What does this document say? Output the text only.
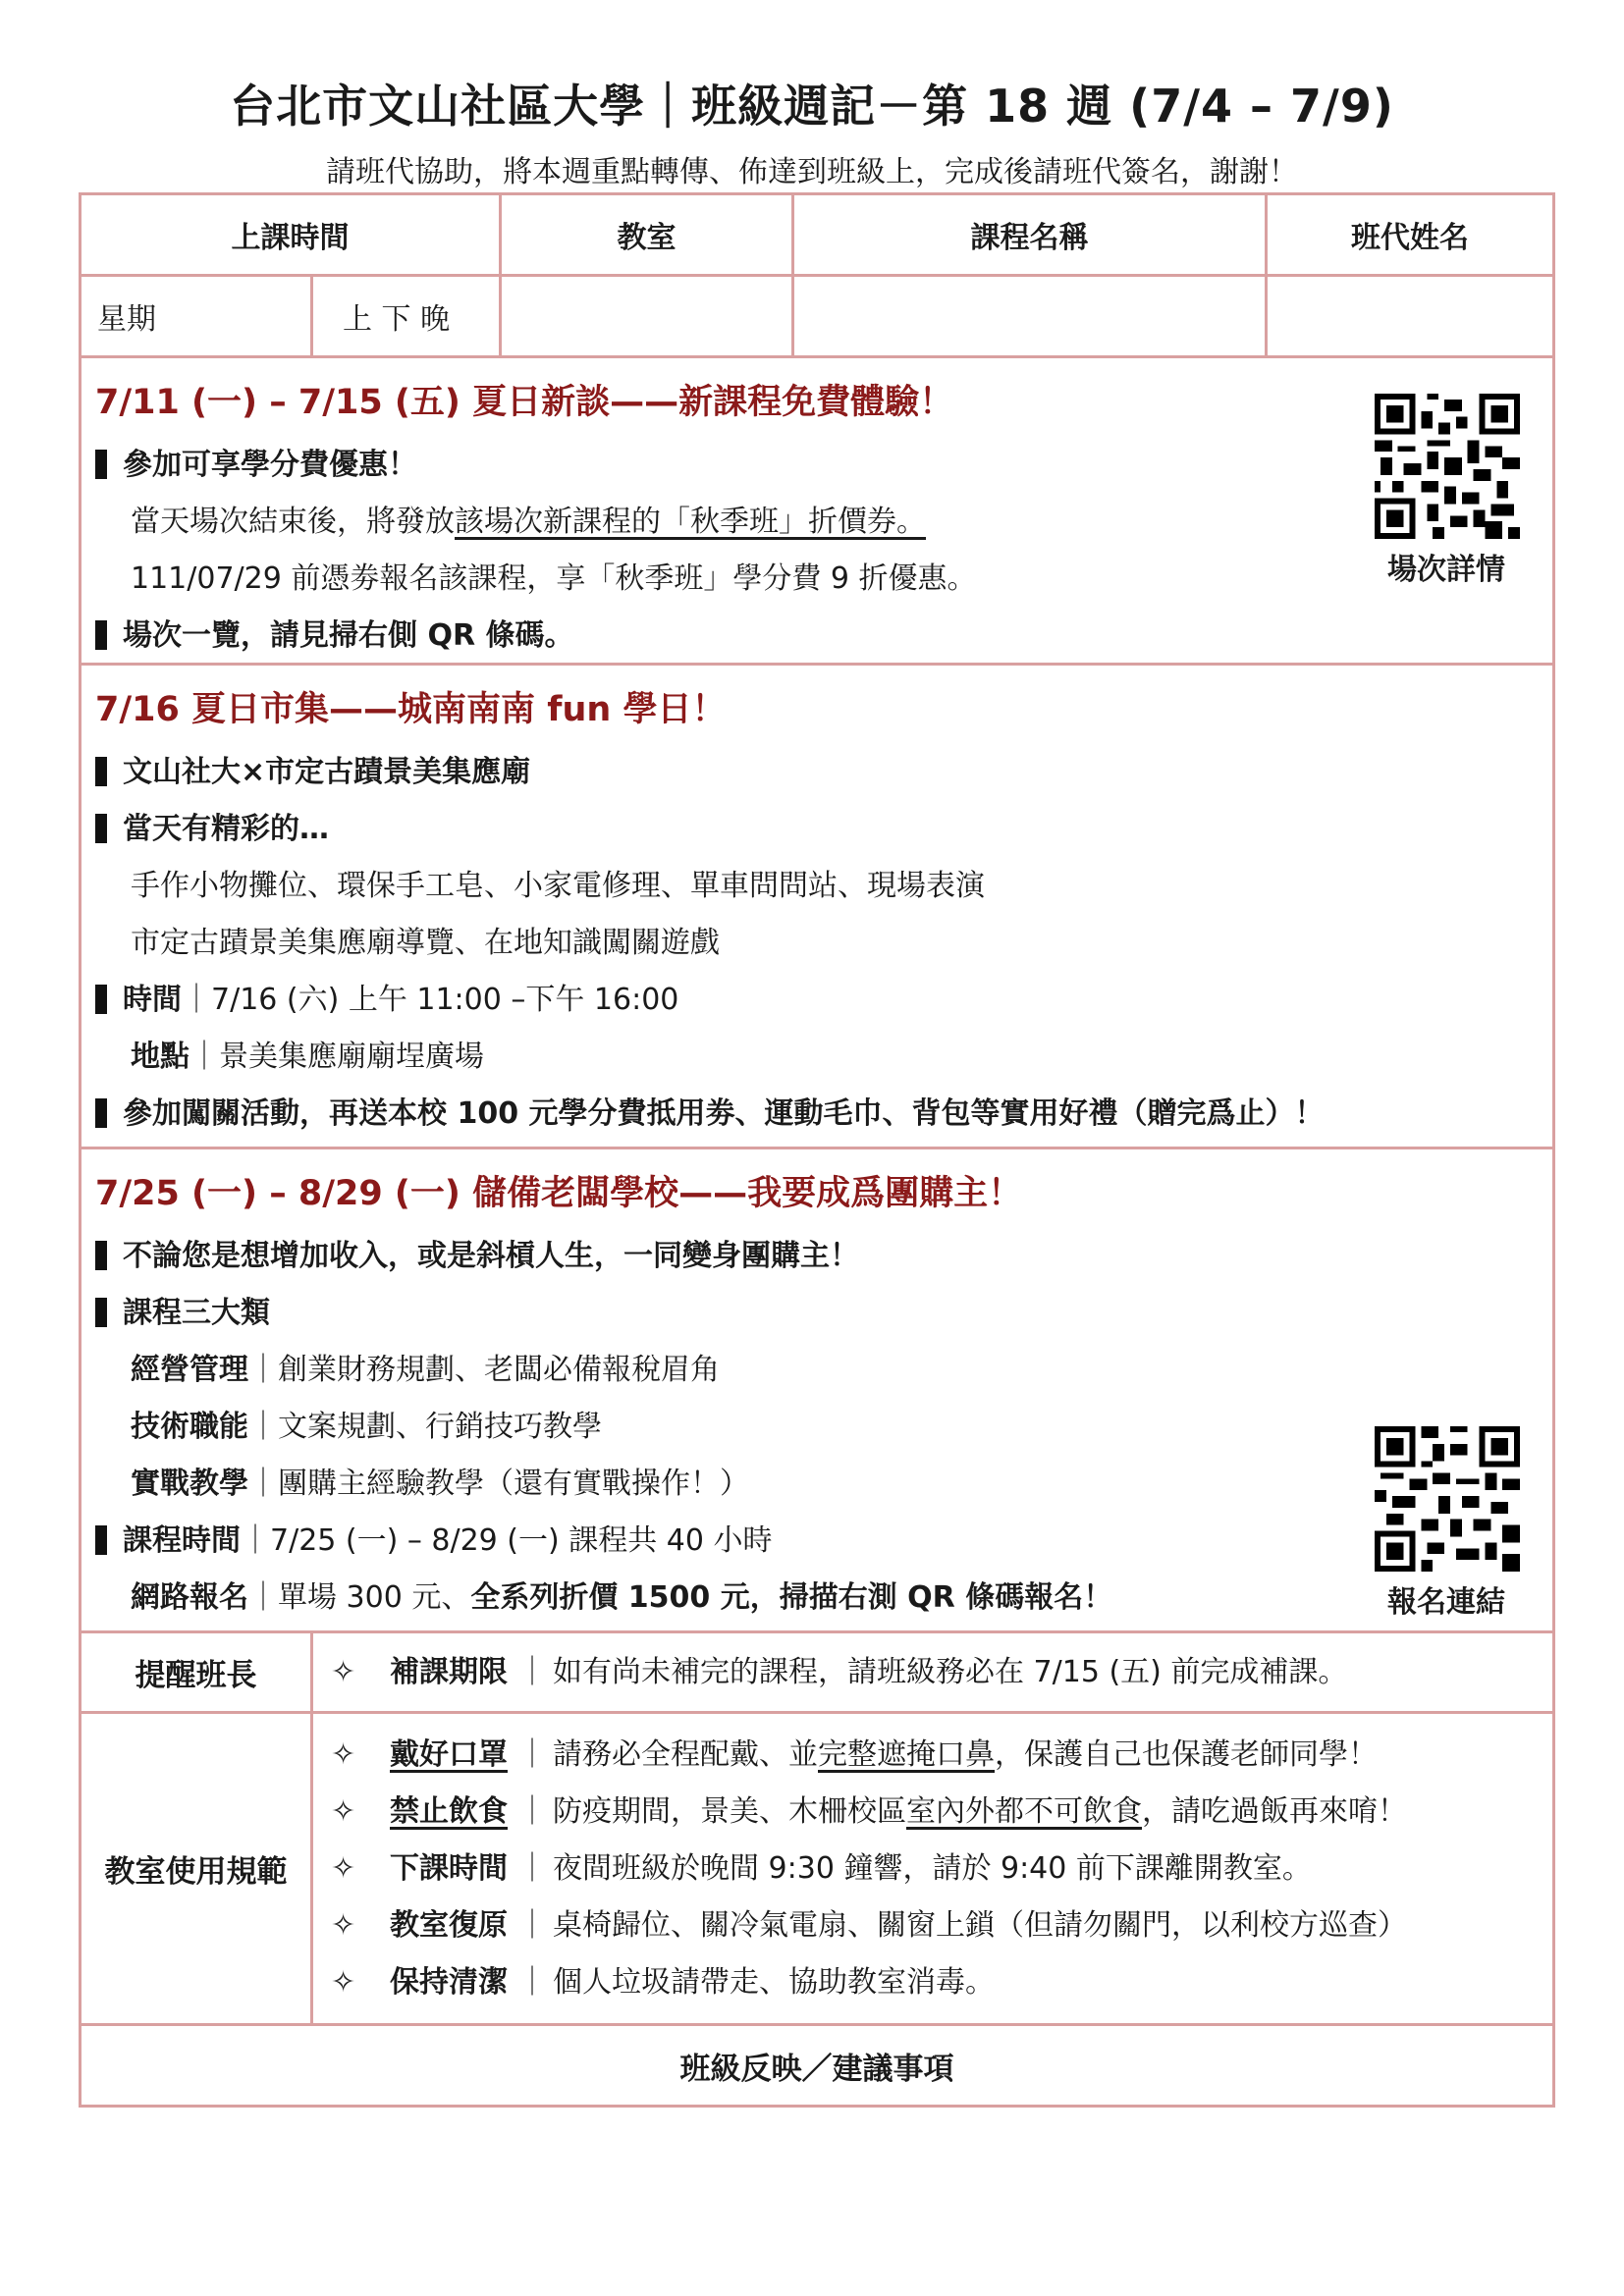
台北市文山社區大學｜班級週記－第 18 週 (7/4 – 7/9)
請班代協助，將本週重點轉傳、佈達到班級上，完成後請班代簽名，謝謝！
上課時間	教室	課程名稱	班代姓名
星期	上 下 晚
7/11 (一) – 7/15 (五) 夏日新談——新課程免費體驗！
參加可享學分費優惠！
當天場次結束後，將發放該場次新課程的「秋季班」折價券。
111/07/29 前憑劵報名該課程，享「秋季班」學分費 9 折優惠。
場次一覽，請見掃右側 QR 條碼。
場次詳情
7/16 夏日市集——城南南南 fun 學日！
文山社大×市定古蹟景美集應廟
當天有精彩的…
手作小物攤位、環保手工皂、小家電修理、單車問問站、現場表演
市定古蹟景美集應廟導覽、在地知識闖關遊戲
時間｜7/16 (六) 上午 11:00 –下午 16:00
地點｜景美集應廟廟埕廣場
參加闖關活動，再送本校 100 元學分費抵用劵、運動毛巾、背包等實用好禮（贈完爲止）！
7/25 (一) – 8/29 (一) 儲備老闆學校——我要成爲團購主！
不論您是想增加收入，或是斜槓人生，一同變身團購主！
課程三大類
經營管理｜創業財務規劃、老闆必備報稅眉角
技術職能｜文案規劃、行銷技巧教學
實戰教學｜團購主經驗教學（還有實戰操作！）
課程時間｜7/25 (一) – 8/29 (一) 課程共 40 小時
網路報名｜單場 300 元、全系列折價 1500 元，掃描右測 QR 條碼報名！	報名連結
提醒班長	✧ 補課期限 ｜ 如有尚未補完的課程，請班級務必在 7/15 (五) 前完成補課。
教室使用規範
✧ 戴好口罩 ｜ 請務必全程配戴、並完整遮掩口鼻，保護自己也保護老師同學！
✧ 禁止飲食 ｜ 防疫期間，景美、木柵校區室內外都不可飲食，請吃過飯再來唷！
✧ 下課時間 ｜ 夜間班級於晚間 9:30 鐘響，請於 9:40 前下課離開教室。
✧ 教室復原 ｜ 桌椅歸位、關冷氣電扇、關窗上鎖（但請勿關門，以利校方巡查）
✧ 保持清潔 ｜ 個人垃圾請帶走、協助教室消毒。
班級反映／建議事項
